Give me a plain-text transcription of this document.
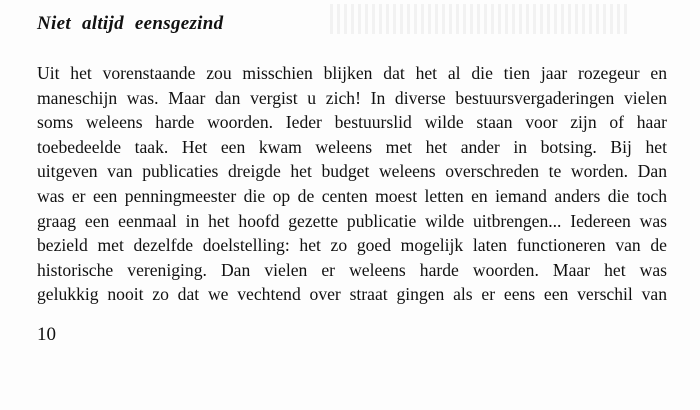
Niet altijd eensgezind
Uit het vorenstaande zou misschien blijken dat het al die tien jaar rozegeur en
maneschijn was. Maar dan vergist u zich! In diverse bestuursvergaderingen vielen
soms weleens harde woorden. Ieder bestuurslid wilde staan voor zijn of haar
toebedeelde taak. Het een kwam weleens met het ander in botsing. Bij het
uitgeven van publicaties dreigde het budget weleens overschreden te worden. Dan
was er een penningmeester die op de centen moest letten en iemand anders die toch
graag een eenmaal in het hoofd gezette publicatie wilde uitbrengen... Iedereen was
bezield met dezelfde doelstelling: het zo goed mogelijk laten functioneren van de
historische vereniging. Dan vielen er weleens harde woorden. Maar het was
gelukkig nooit zo dat we vechtend over straat gingen als er eens een verschil van
10
